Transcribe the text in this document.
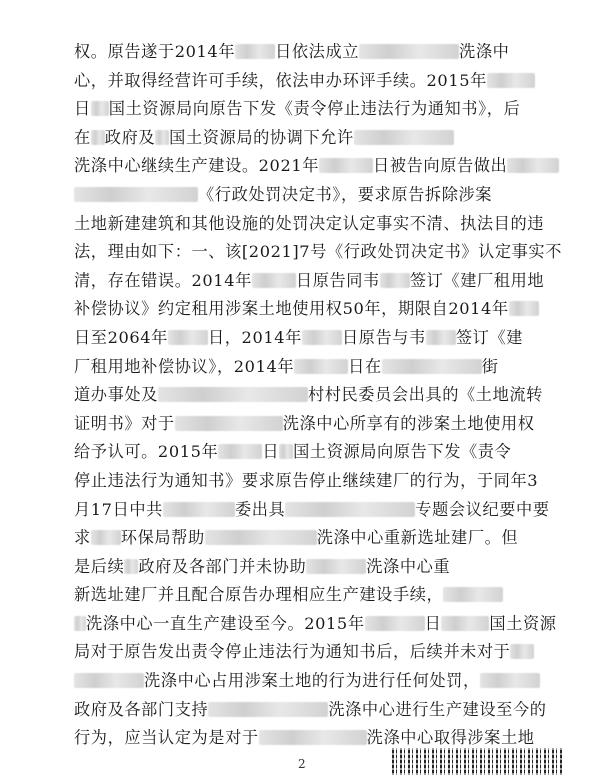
权。原告遂于2014年 日依法成立	洗涤中
心，并取得经营许可手续，依法申办环评手续。2015年
日 国土资源局向原告下发《责令停止违法行为通知书》，后
在 政府及 国土资源局的协调下允许
洗涤中心继续生产建设。2021年	日被告向原告做出
《行政处罚决定书》，要求原告拆除涉案
土地新建建筑和其他设施的处罚决定认定事实不清、执法目的违
法，理由如下：一、该[2021]7号《行政处罚决定书》认定事实不
清，存在错误。2014年	日原告同韦 签订《建厂租用地
补偿协议》约定租用涉案土地使用权50年，期限自2014年
日至2064年 日，2014年 日原告与韦 签订《建
厂租用地补偿协议》，2014年	日在	街
道办事处及	村村民委员会出具的《土地流转
证明书》对于	洗涤中心所享有的涉案土地使用权
给予认可。2015年	日 国土资源局向原告下发《责令
停止违法行为通知书》要求原告停止继续建厂的行为，于同年3
月17日中共	委出具	专题会议纪要中要
求 环保局帮助	洗涤中心重新选址建厂。但
是后续 政府及各部门并未协助	洗涤中心重
新选址建厂并且配合原告办理相应生产建设手续，
洗涤中心一直生产建设至今。2015年	日	国土资源
局对于原告发出责令停止违法行为通知书后，后续并未对于
洗涤中心占用涉案土地的行为进行任何处罚，
政府及各部门支持	洗涤中心进行生产建设至今的
行为，应当认定为是对于	洗涤中心取得涉案土地
2
